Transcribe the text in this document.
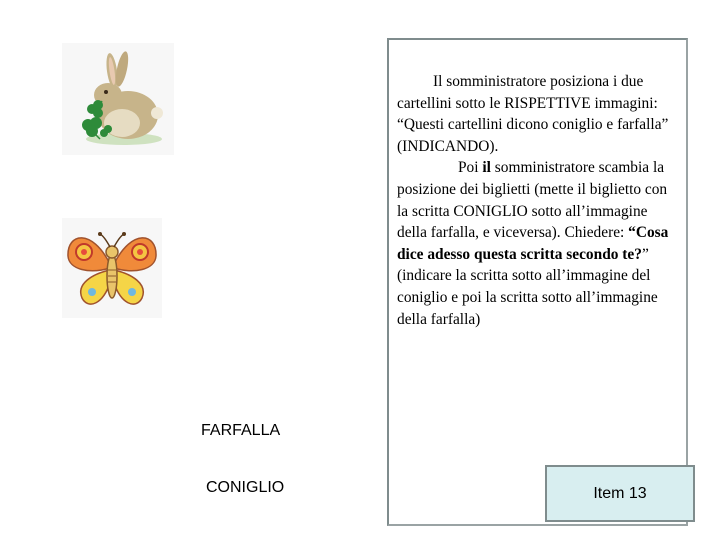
FARFALLA
CONIGLIO

Il somministratore posiziona i due cartellini sotto le RISPETTIVE immagini: “Questi cartellini dicono coniglio e farfalla” (INDICANDO).

Poi il somministratore scambia la posizione dei biglietti (mette il biglietto con la scritta CONIGLIO sotto all’immagine della farfalla, e viceversa). Chiedere: “Cosa dice adesso questa scritta secondo te?” (indicare la scritta sotto all’immagine del coniglio e poi la scritta sotto all’immagine della farfalla)

Item 13
